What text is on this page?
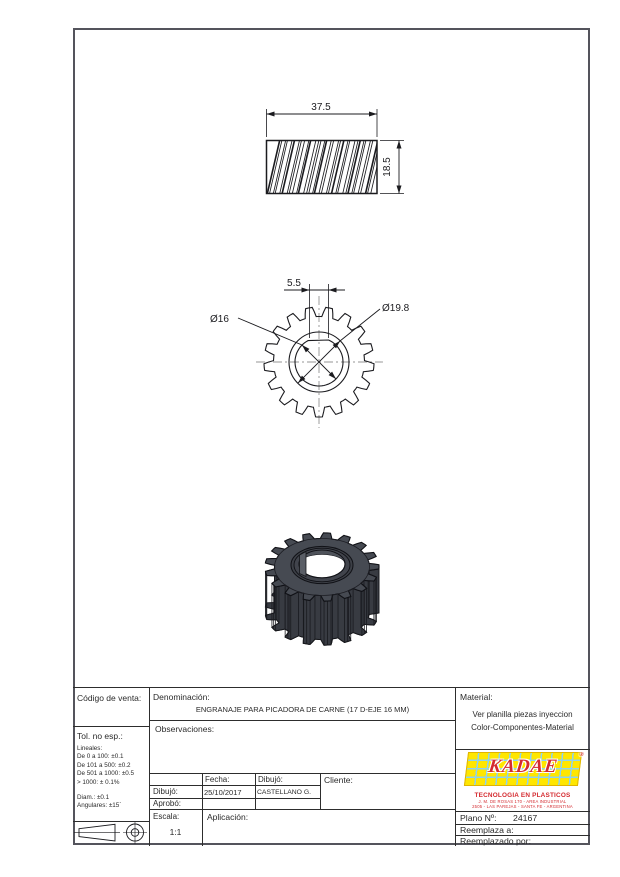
37.5
18.5
5.5
Ø16
Ø19.8
Código de venta:
Tol. no esp.:
Lineales:
De 0 a 100: ±0.1
De 101 a 500: ±0.2
De 501 a 1000: ±0.5
> 1000: ± 0.1%
Diam.: ±0.1
Angulares: ±15´
Denominación:
ENGRANAJE PARA PICADORA DE CARNE (17 D-EJE 16 MM)
Observaciones:
Fecha:	Dibujó:	Cliente:
Dibujó:	25/10/2017 CASTELLANO G.
Aprobó:
Escala:
1:1
Aplicación:
Material:
Ver planilla piezas inyeccion
Color-Componentes-Material
KADAE
®
TECNOLOGIA EN PLASTICOS
J. M. DE ROSAS 170 - AREA INDUSTRIAL
2505 - LAS PAREJAS - SANTA FE - ARGENTINA
Plano Nº: 24167
Reemplaza a:
Reemplazado por:
